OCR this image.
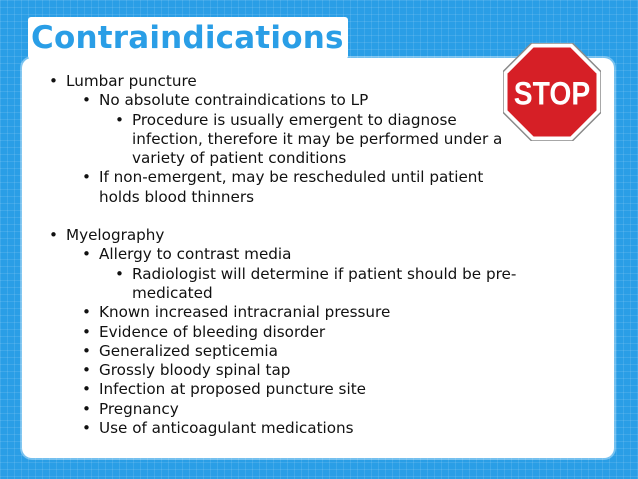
Contraindications
• Lumbar puncture
• No absolute contraindications to LP
• Procedure is usually emergent to diagnose
infection, therefore it may be performed under a
variety of patient conditions
• If non-emergent, may be rescheduled until patient
holds blood thinners
• Myelography
• Allergy to contrast media
• Radiologist will determine if patient should be pre-
medicated
• Known increased intracranial pressure
• Evidence of bleeding disorder
• Generalized septicemia
• Grossly bloody spinal tap
• Infection at proposed puncture site
• Pregnancy
• Use of anticoagulant medications
STOP
